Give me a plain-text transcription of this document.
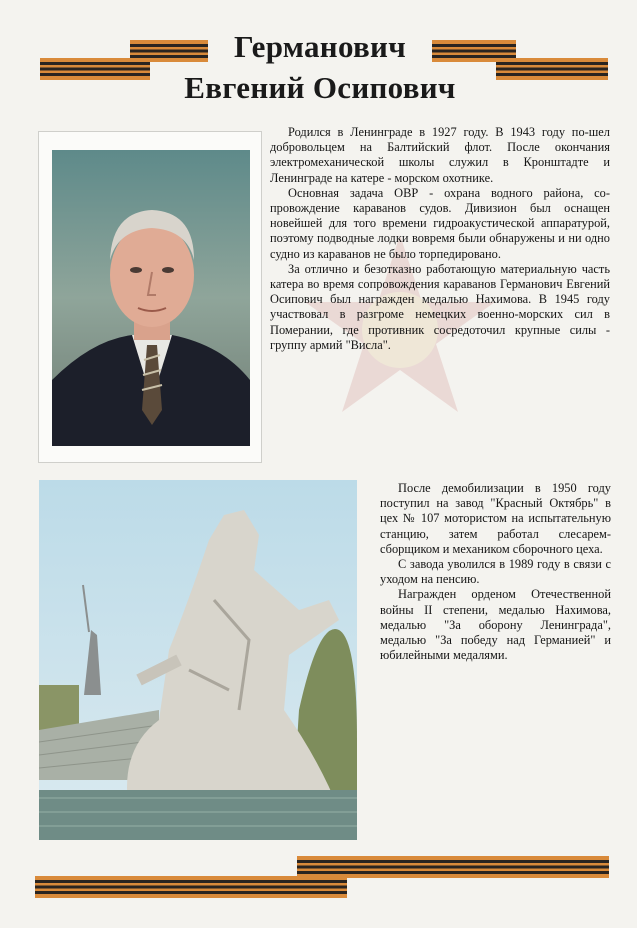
Германович
Евгений Осипович

Родился в Ленинграде в 1927 году. В 1943 году по-шел добровольцем на Балтийский флот. После окончания электромеханической школы служил в Кронштадте и Ленинграде на катере - морском охотнике.

Основная задача ОВР - охрана водного района, со-провождение караванов судов. Дивизион был оснащен новейшей для того времени гидроакустической аппаратурой, поэтому подводные лодки вовремя были обнаружены и ни одно судно из караванов не было торпедировано.

За отлично и безотказно работающую материальную часть катера во время сопровождения караванов Германович Евгений Осипович был награжден медалью Нахимова. В 1945 году участвовал в разгроме немецких военно-морских сил в Померании, где противник сосредоточил крупные силы - группу армий "Висла".

После демобилизации в 1950 году поступил на завод "Красный Октябрь" в цех № 107 мотористом на испытательную станцию, затем работал слесарем-сборщиком и механиком сборочного цеха.

С завода уволился в 1989 году в связи с уходом на пенсию.

Награжден орденом Отечественной войны II степени, медалью Нахимова, медалью "За оборону Ленинграда", медалью "За победу над Германией" и юбилейными медалями.
